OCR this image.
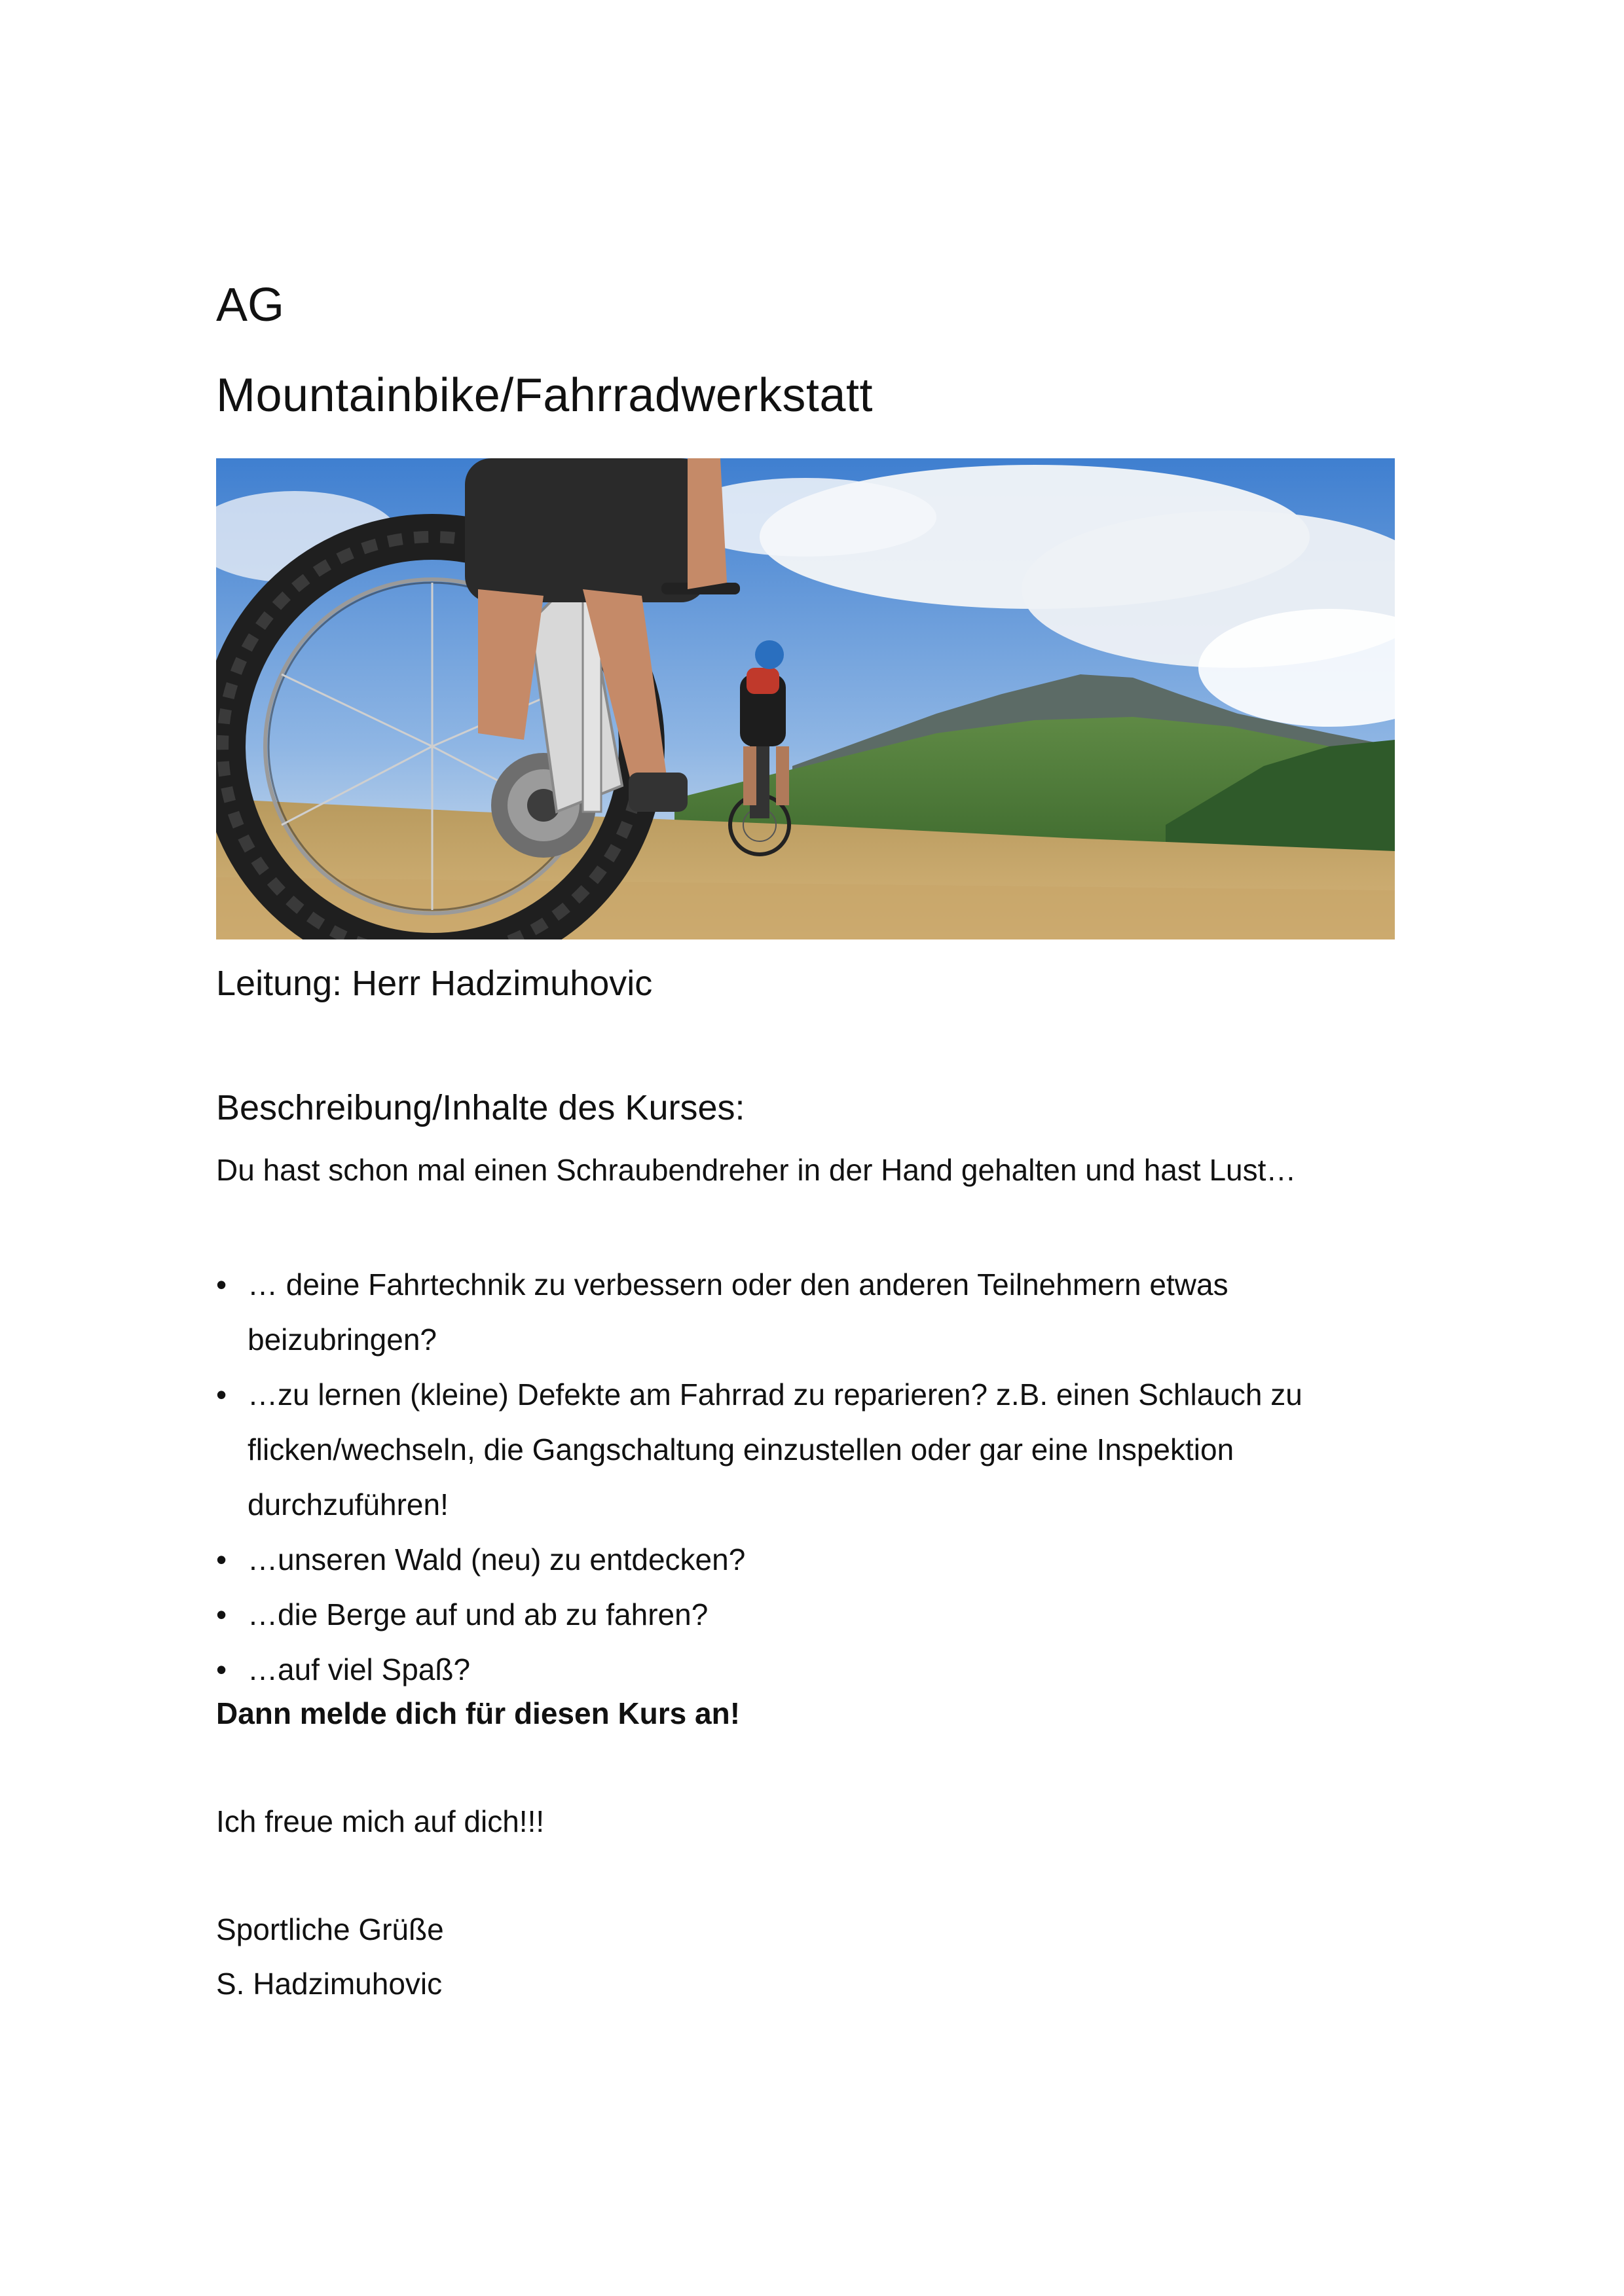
AG
Mountainbike/Fahrradwerkstatt
Leitung: Herr Hadzimuhovic
Beschreibung/Inhalte des Kurses:
Du hast schon mal einen Schraubendreher in der Hand gehalten und hast Lust…
• … deine Fahrtechnik zu verbessern oder den anderen Teilnehmern etwas beizubringen?
• …zu lernen (kleine) Defekte am Fahrrad zu reparieren? z.B. einen Schlauch zu flicken/wechseln, die Gangschaltung einzustellen oder gar eine Inspektion durchzuführen!
• …unseren Wald (neu) zu entdecken?
• …die Berge auf und ab zu fahren?
• …auf viel Spaß?
Dann melde dich für diesen Kurs an!
Ich freue mich auf dich!!!
Sportliche Grüße
S. Hadzimuhovic
